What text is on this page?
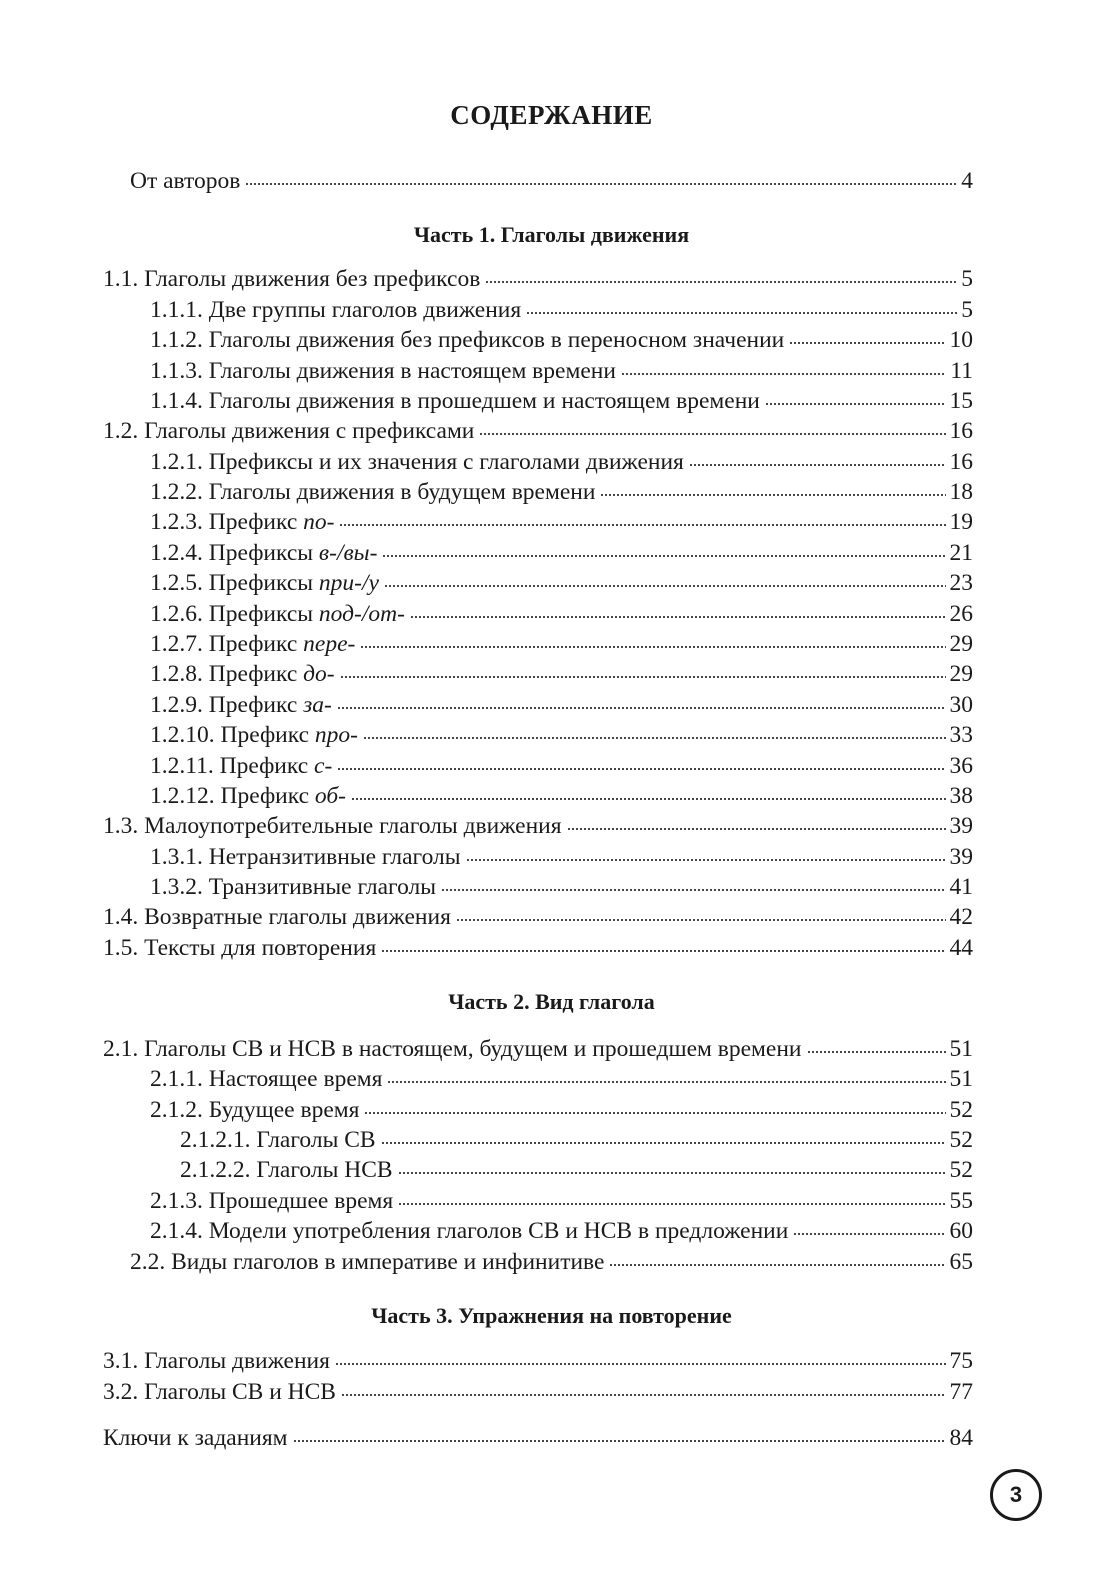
СОДЕРЖАНИЕ
Часть 1. Глаголы движения
Часть 2. Вид глагола
Часть 3. Упражнения на повторение
От авторов	4
1.1. Глаголы движения без префиксов	5
1.1.1. Две группы глаголов движения	5
1.1.2. Глаголы движения без префиксов в переносном значении	10
1.1.3. Глаголы движения в настоящем времени	11
1.1.4. Глаголы движения в прошедшем и настоящем времени	15
1.2. Глаголы движения с префиксами	16
1.2.1. Префиксы и их значения с глаголами движения	16
1.2.2. Глаголы движения в будущем времени	18
1.2.3. Префикс по-	19
1.2.4. Префиксы в-/вы-	21
1.2.5. Префиксы при-/у	23
1.2.6. Префиксы под-/от-	26
1.2.7. Префикс пере-	29
1.2.8. Префикс до-	29
1.2.9. Префикс за-	30
1.2.10. Префикс про-	33
1.2.11. Префикс с-	36
1.2.12. Префикс об-	38
1.3. Малоупотребительные глаголы движения	39
1.3.1. Нетранзитивные глаголы	39
1.3.2. Транзитивные глаголы	41
1.4. Возвратные глаголы движения	42
1.5. Тексты для повторения	44
2.1. Глаголы СВ и НСВ в настоящем, будущем и прошедшем времени	51
2.1.1. Настоящее время	51
2.1.2. Будущее время	52
2.1.2.1. Глаголы СВ	52
2.1.2.2. Глаголы НСВ	52
2.1.3. Прошедшее время	55
2.1.4. Модели употребления глаголов СВ и НСВ в предложении	60
2.2. Виды глаголов в императиве и инфинитиве	65
3.1. Глаголы движения	75
3.2. Глаголы СВ и НСВ	77
Ключи к заданиям	84
3
